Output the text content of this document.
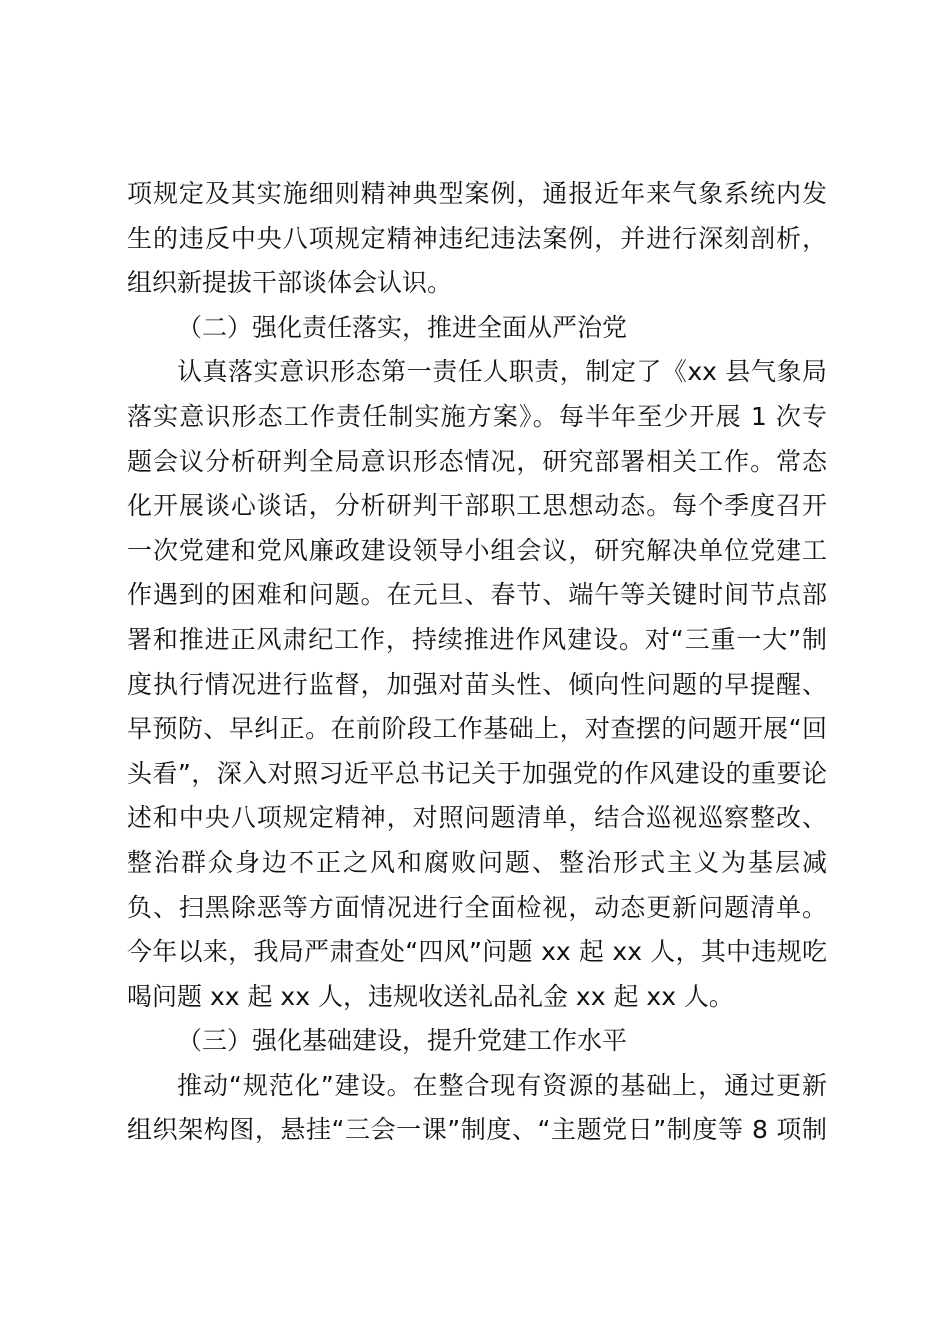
项规定及其实施细则精神典型案例，通报近年来气象系统内发
生的违反中央八项规定精神违纪违法案例，并进行深刻剖析，
组织新提拔干部谈体会认识。
（二）强化责任落实，推进全面从严治党
认真落实意识形态第一责任人职责，制定了《xx 县气象局
落实意识形态工作责任制实施方案》。每半年至少开展 1 次专
题会议分析研判全局意识形态情况，研究部署相关工作。常态
化开展谈心谈话，分析研判干部职工思想动态。每个季度召开
一次党建和党风廉政建设领导小组会议，研究解决单位党建工
作遇到的困难和问题。在元旦、春节、端午等关键时间节点部
署和推进正风肃纪工作，持续推进作风建设。对“三重一大”制
度执行情况进行监督，加强对苗头性、倾向性问题的早提醒、
早预防、早纠正。在前阶段工作基础上，对查摆的问题开展“回
头看”，深入对照习近平总书记关于加强党的作风建设的重要论
述和中央八项规定精神，对照问题清单，结合巡视巡察整改、
整治群众身边不正之风和腐败问题、整治形式主义为基层减
负、扫黑除恶等方面情况进行全面检视，动态更新问题清单。
今年以来，我局严肃查处“四风”问题 xx 起 xx 人，其中违规吃
喝问题 xx 起 xx 人，违规收送礼品礼金 xx 起 xx 人。
（三）强化基础建设，提升党建工作水平
推动“规范化”建设。在整合现有资源的基础上，通过更新
组织架构图，悬挂“三会一课”制度、“主题党日”制度等 8 项制
